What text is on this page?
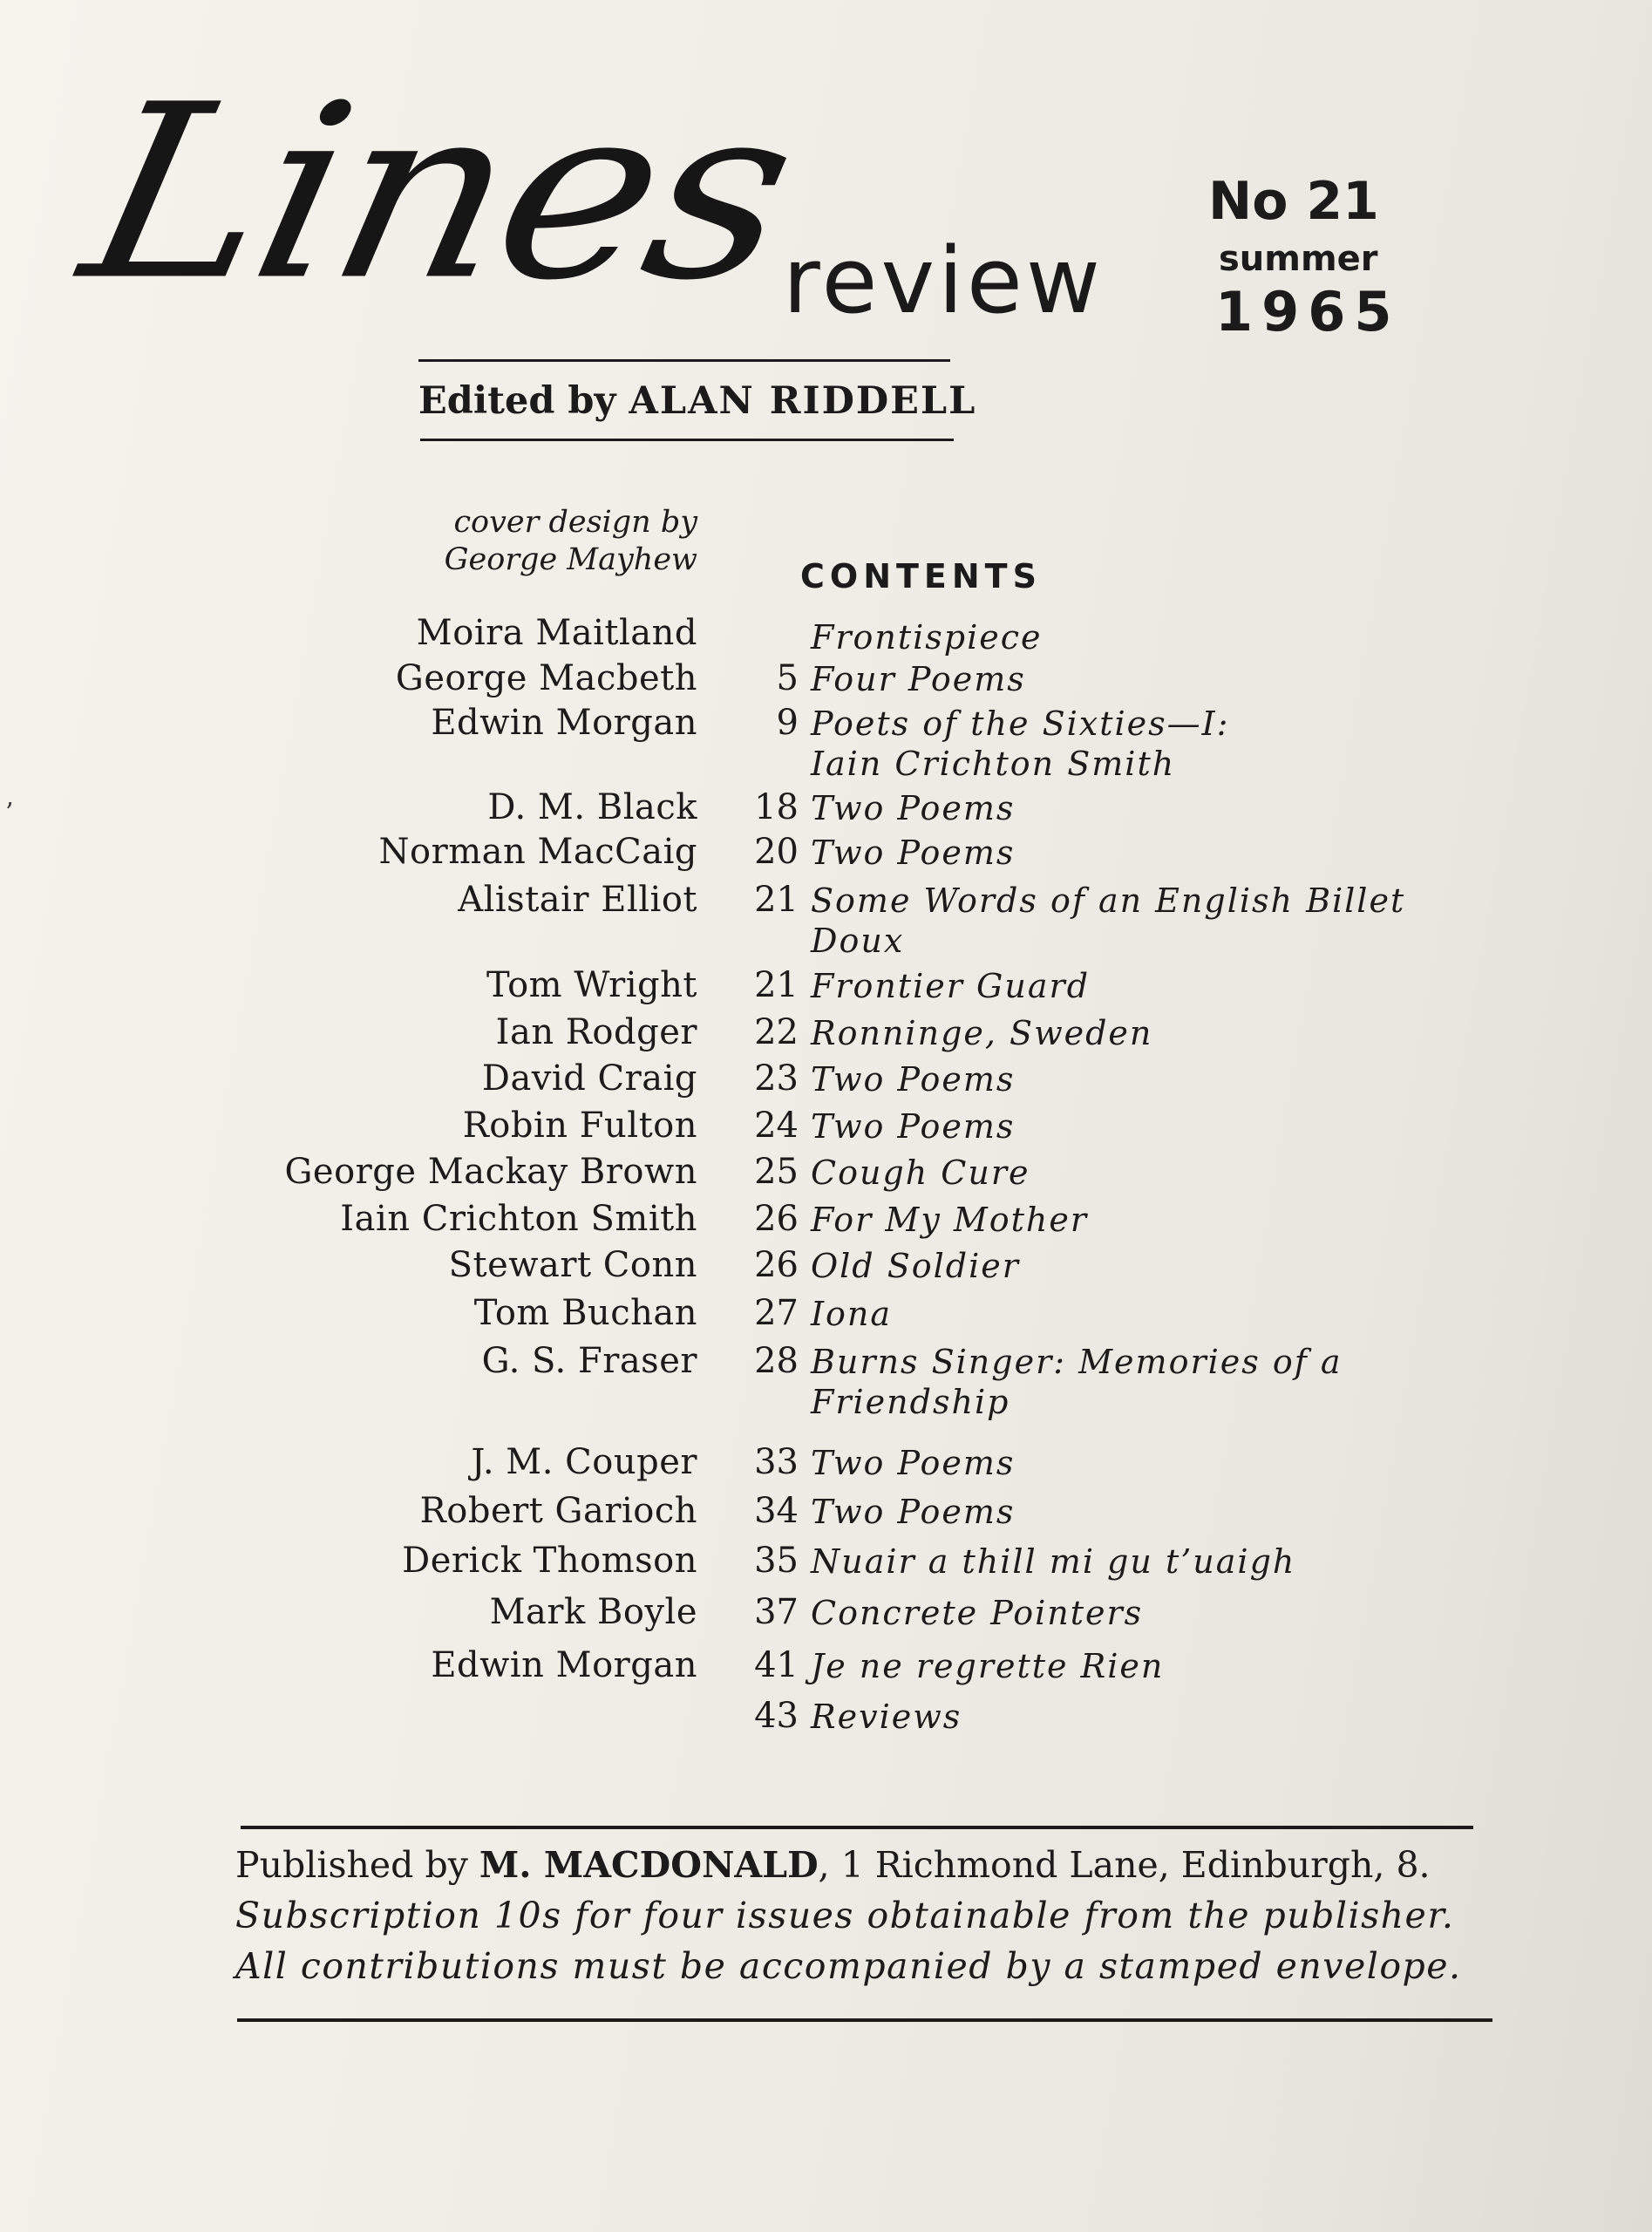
’
Lines
review
No 21
summer
1965
Edited by ALAN RIDDELL
cover design by
George Mayhew	CONTENTS
Moira Maitland	Frontispiece
George Macbeth	5 Four Poems
Edwin Morgan	9 Poets of the Sixties—I:
Iain Crichton Smith
D. M. Black	18 Two Poems
Norman MacCaig	20 Two Poems
Alistair Elliot	21 Some Words of an English Billet
Doux
Tom Wright	21 Frontier Guard
Ian Rodger	22 Ronninge, Sweden
David Craig	23 Two Poems
Robin Fulton	24 Two Poems
George Mackay Brown	25 Cough Cure
Iain Crichton Smith	26 For My Mother
Stewart Conn	26 Old Soldier
Tom Buchan	27 Iona
G. S. Fraser	28 Burns Singer: Memories of a
Friendship
J. M. Couper	33 Two Poems
Robert Garioch	34 Two Poems
Derick Thomson	35 Nuair a thill mi gu t’uaigh
Mark Boyle	37 Concrete Pointers
Edwin Morgan	41 Je ne regrette Rien
43 Reviews
Published by M. MACDONALD, 1 Richmond Lane, Edinburgh, 8.
Subscription 10s for four issues obtainable from the publisher.
All contributions must be accompanied by a stamped envelope.
